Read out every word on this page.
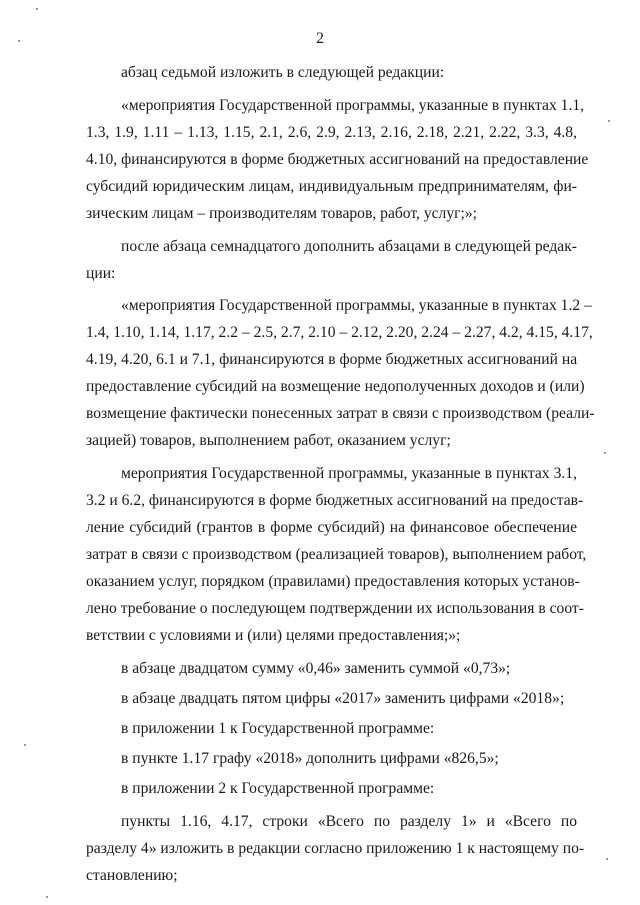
2
абзац седьмой изложить в следующей редакции:
«мероприятия Государственной программы, указанные в пунктах 1.1,
1.3, 1.9, 1.11 – 1.13, 1.15, 2.1, 2.6, 2.9, 2.13, 2.16, 2.18, 2.21, 2.22, 3.3, 4.8,
4.10, финансируются в форме бюджетных ассигнований на предоставление
субсидий юридическим лицам, индивидуальным предпринимателям, фи-
зическим лицам – производителям товаров, работ, услуг;»;
после абзаца семнадцатого дополнить абзацами в следующей редак-
ции:
«мероприятия Государственной программы, указанные в пунктах 1.2 –
1.4, 1.10, 1.14, 1.17, 2.2 – 2.5, 2.7, 2.10 – 2.12, 2.20, 2.24 – 2.27, 4.2, 4.15, 4.17,
4.19, 4.20, 6.1 и 7.1, финансируются в форме бюджетных ассигнований на
предоставление субсидий на возмещение недополученных доходов и (или)
возмещение фактически понесенных затрат в связи с производством (реали-
зацией) товаров, выполнением работ, оказанием услуг;
мероприятия Государственной программы, указанные в пунктах 3.1,
3.2 и 6.2, финансируются в форме бюджетных ассигнований на предостав-
ление субсидий (грантов в форме субсидий) на финансовое обеспечение
затрат в связи с производством (реализацией товаров), выполнением работ,
оказанием услуг, порядком (правилами) предоставления которых установ-
лено требование о последующем подтверждении их использования в соот-
ветствии с условиями и (или) целями предоставления;»;
в абзаце двадцатом сумму «0,46» заменить суммой «0,73»;
в абзаце двадцать пятом цифры «2017» заменить цифрами «2018»;
в приложении 1 к Государственной программе:
в пункте 1.17 графу «2018» дополнить цифрами «826,5»;
в приложении 2 к Государственной программе:
пункты 1.16, 4.17, строки «Всего по разделу 1» и «Всего по
разделу 4» изложить в редакции согласно приложению 1 к настоящему по-
становлению;
